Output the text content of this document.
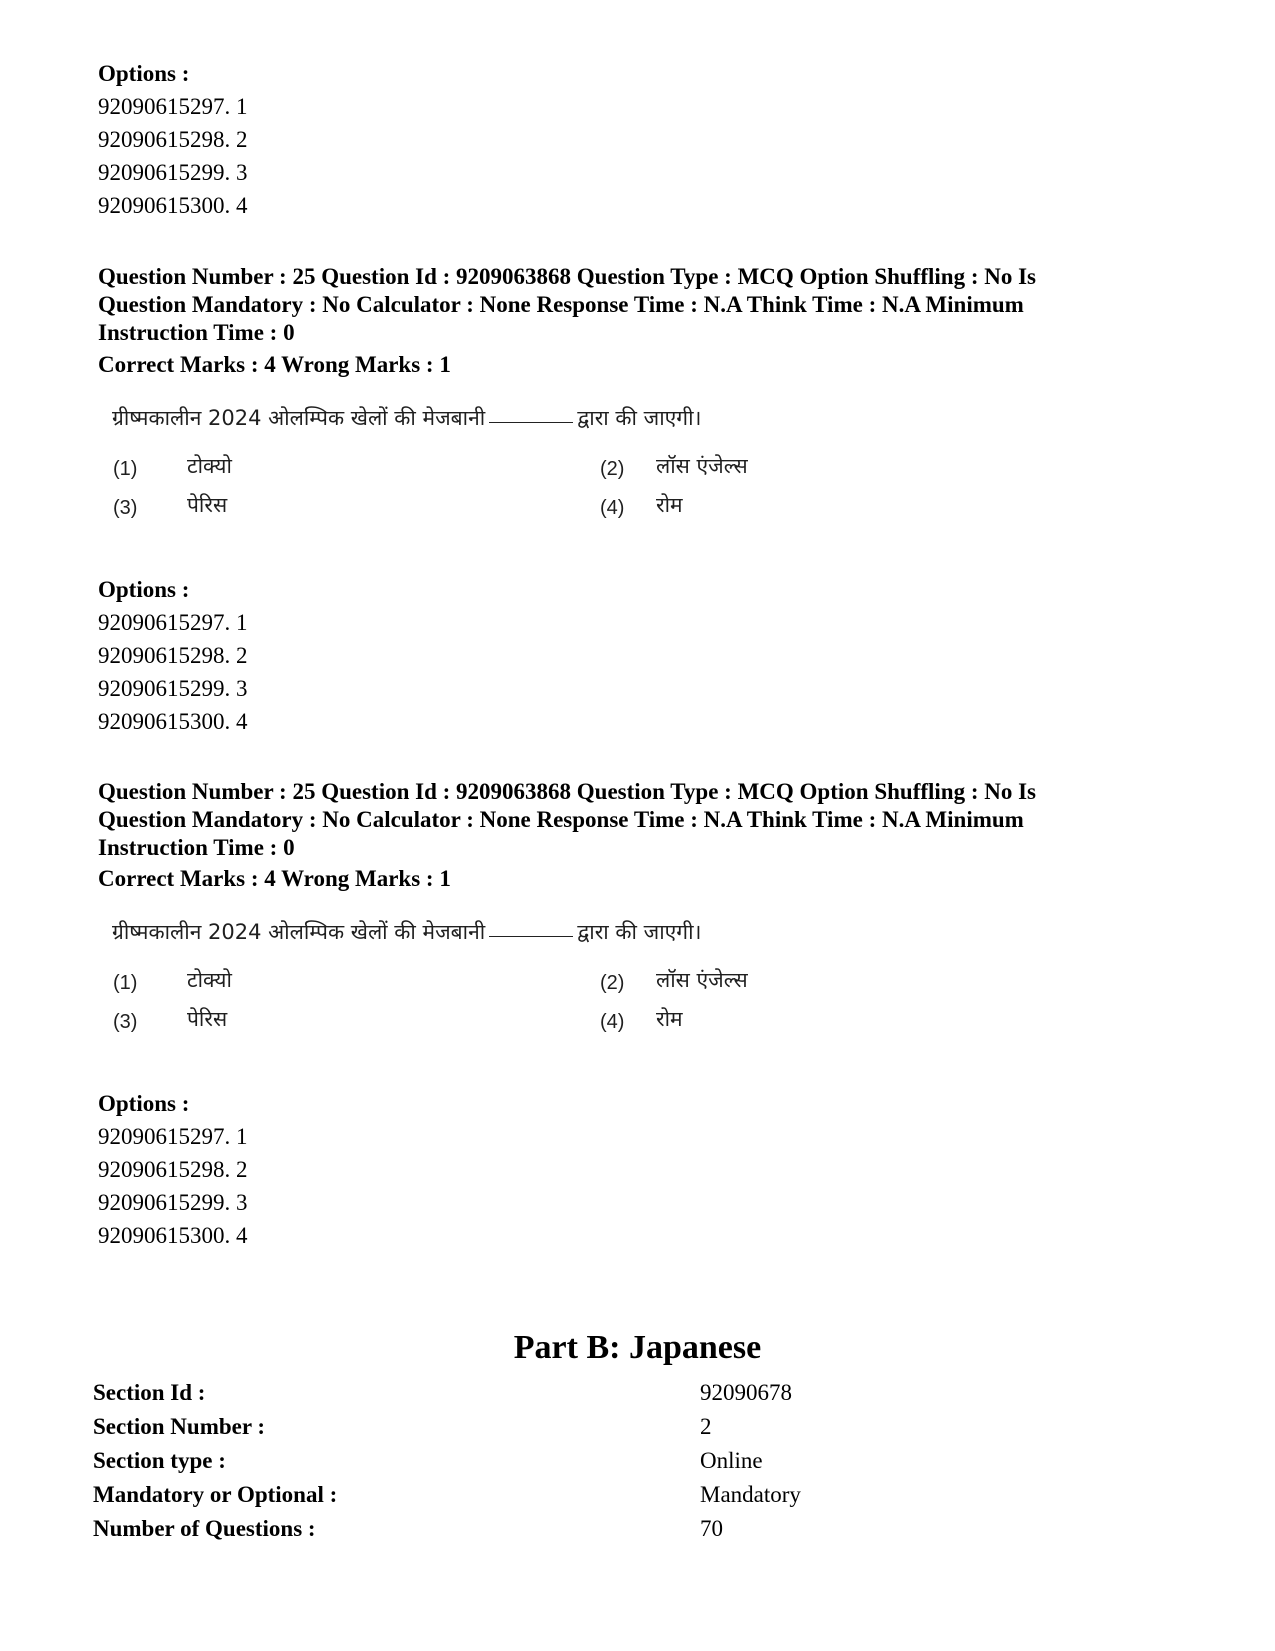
Options :
92090615297. 1
92090615298. 2
92090615299. 3
92090615300. 4
Question Number : 25 Question Id : 9209063868 Question Type : MCQ Option Shuffling : No Is
Question Mandatory : No Calculator : None Response Time : N.A Think Time : N.A Minimum
Instruction Time : 0
Correct Marks : 4 Wrong Marks : 1
ग्रीष्मकालीन 2024 ओलम्पिक खेलों की मेजबानी	द्वारा की जाएगी।
(1) टोक्यो	(2) लॉस एंजेल्स
(3) पेरिस	(4) रोम
Options :
92090615297. 1
92090615298. 2
92090615299. 3
92090615300. 4
Question Number : 25 Question Id : 9209063868 Question Type : MCQ Option Shuffling : No Is
Question Mandatory : No Calculator : None Response Time : N.A Think Time : N.A Minimum
Instruction Time : 0
Correct Marks : 4 Wrong Marks : 1
ग्रीष्मकालीन 2024 ओलम्पिक खेलों की मेजबानी	द्वारा की जाएगी।
(1) टोक्यो	(2) लॉस एंजेल्स
(3) पेरिस	(4) रोम
Options :
92090615297. 1
92090615298. 2
92090615299. 3
92090615300. 4
Part B: Japanese
Section Id :	92090678
Section Number :	2
Section type :	Online
Mandatory or Optional :	Mandatory
Number of Questions :	70
